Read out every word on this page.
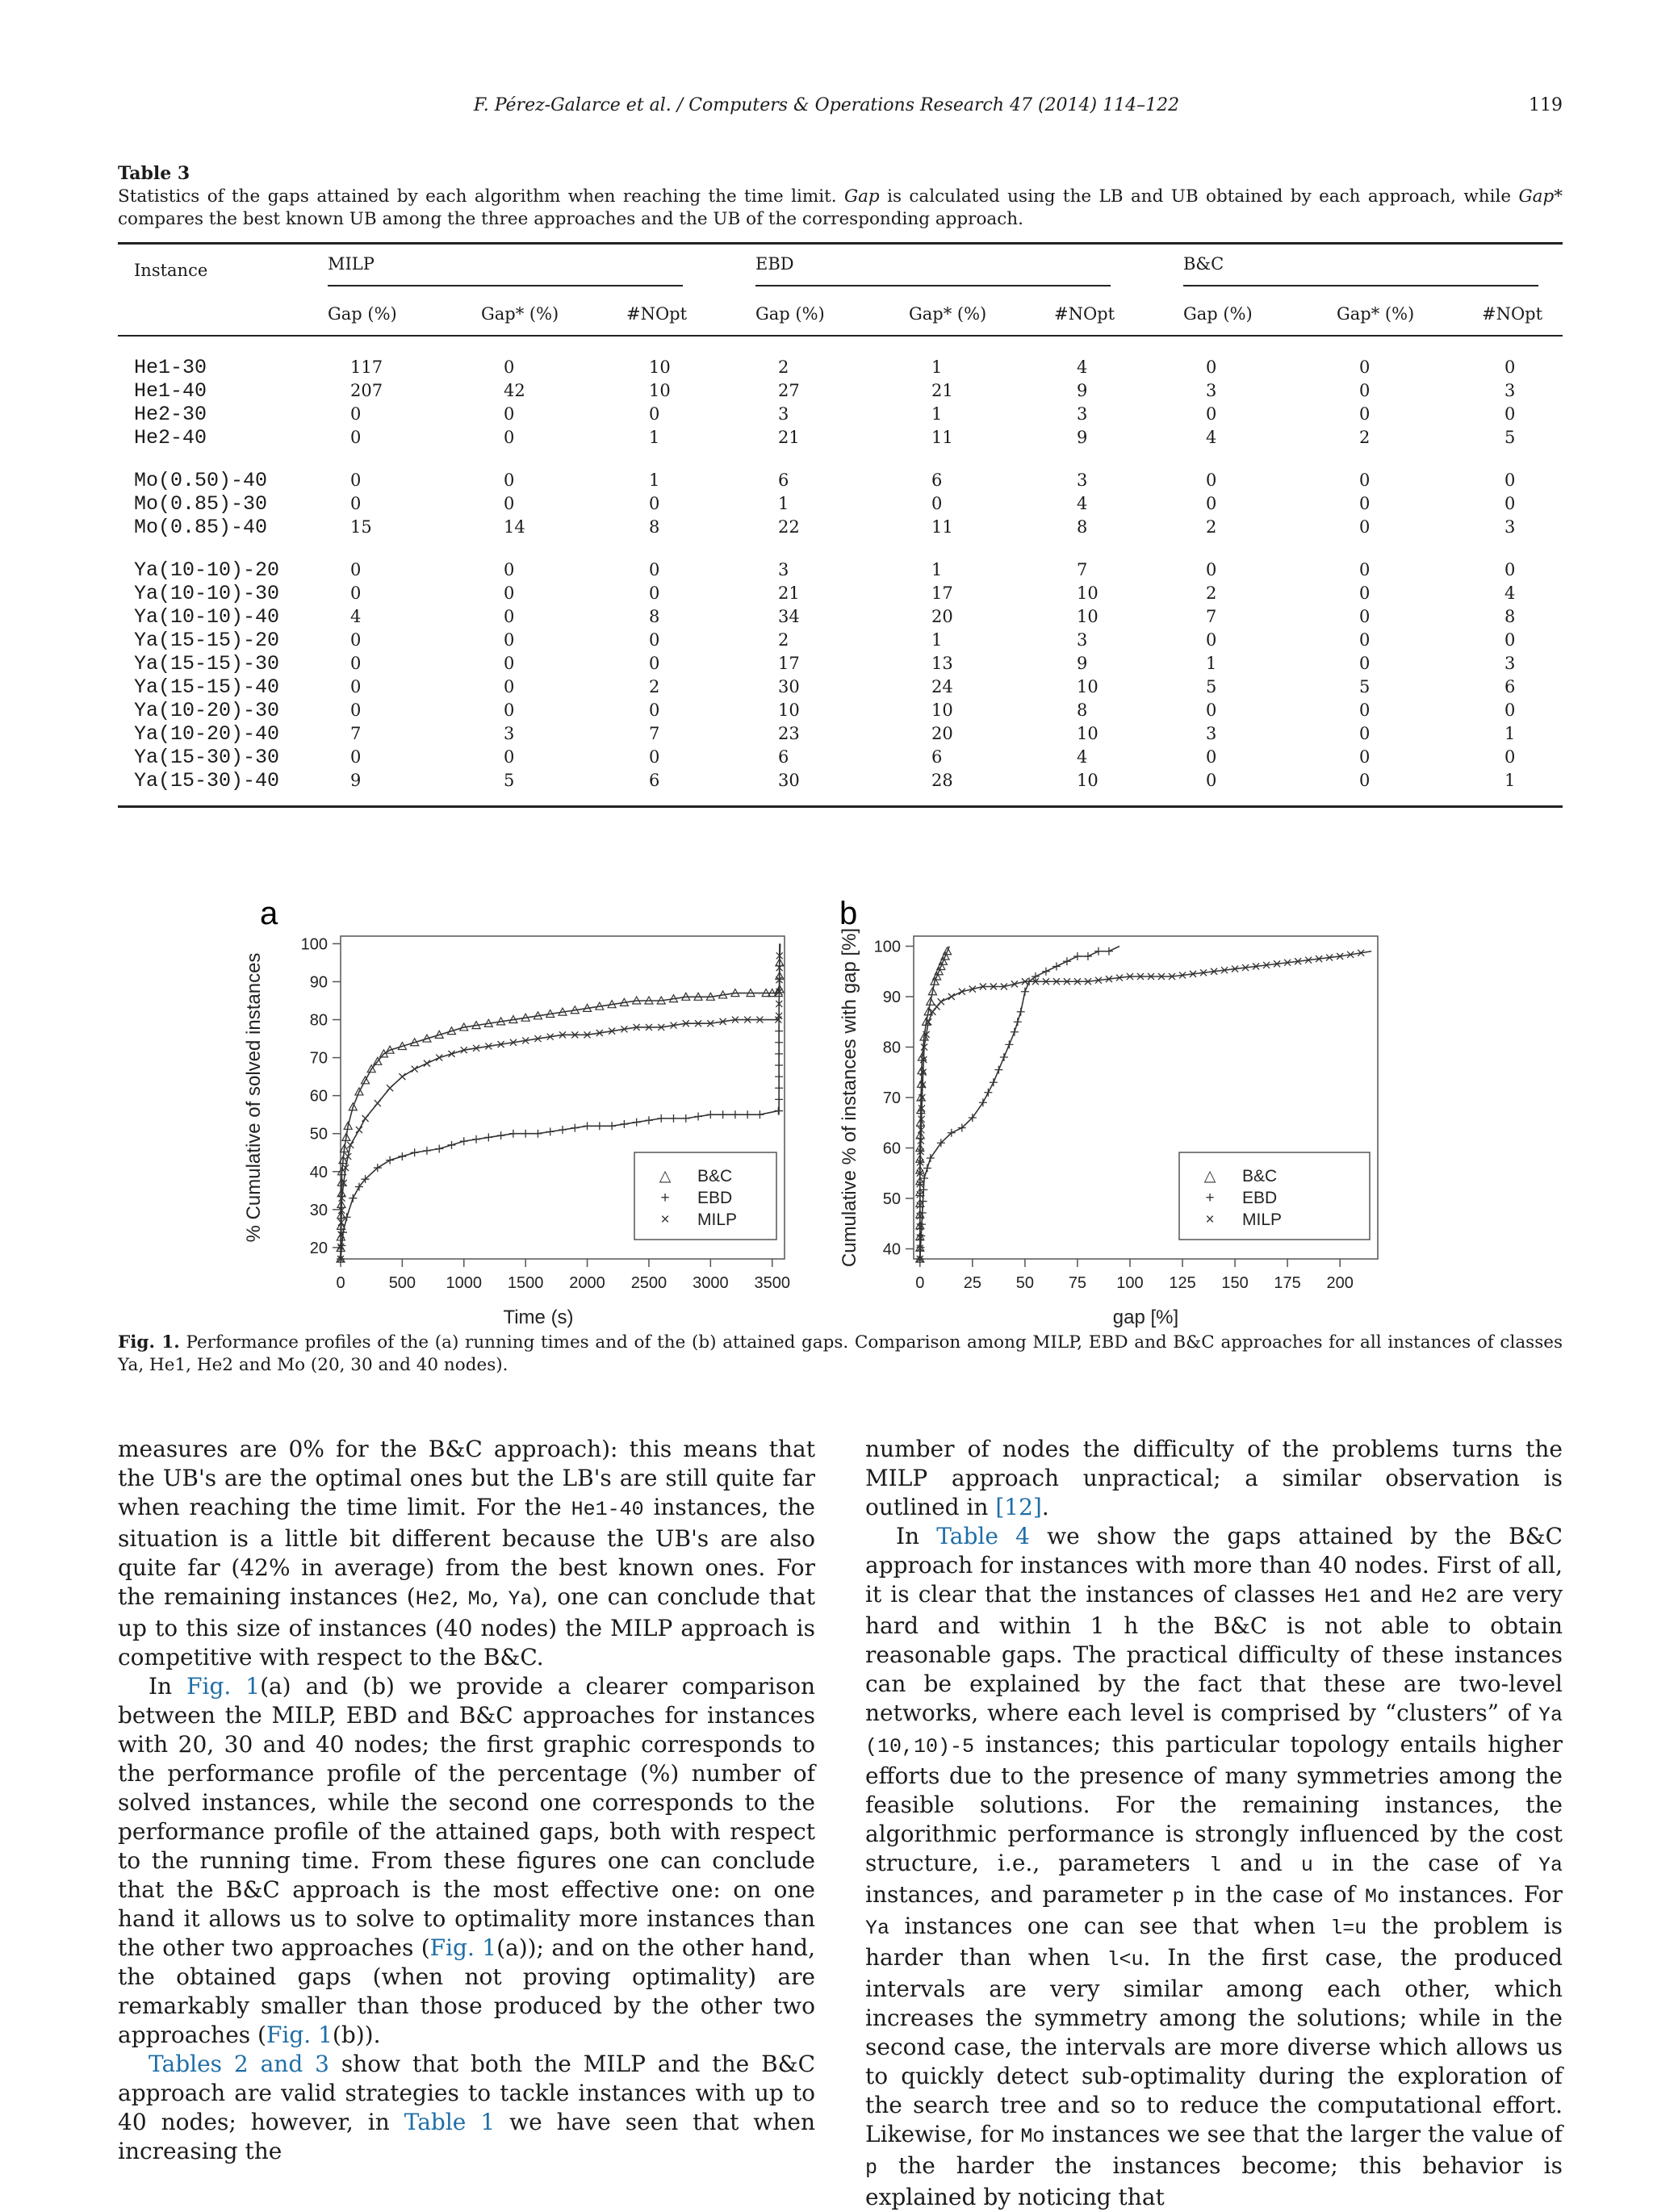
F. Pérez-Galarce et al. / Computers & Operations Research 47 (2014) 114–122	119
Table 3
Statistics of the gaps attained by each algorithm when reaching the time limit. Gap is calculated using the LB and UB obtained by each approach, while Gap* compares the best known UB among the three approaches and the UB of the corresponding approach.

Instance	MILP			EBD			B&C		

	Gap (%)	Gap* (%)	#NOpt	Gap (%)	Gap* (%)	#NOpt	Gap (%)	Gap* (%)	#NOpt

He1-30	117	0	10	2	1	4	0	0	0
He1-40	207	42	10	27	21	9	3	0	3
He2-30	0	0	0	3	1	3	0	0	0
He2-40	0	0	1	21	11	9	4	2	5

Mo(0.50)-40	0	0	1	6	6	3	0	0	0
Mo(0.85)-30	0	0	0	1	0	4	0	0	0
Mo(0.85)-40	15	14	8	22	11	8	2	0	3

Ya(10-10)-20	0	0	0	3	1	7	0	0	0
Ya(10-10)-30	0	0	0	21	17	10	2	0	4
Ya(10-10)-40	4	0	8	34	20	10	7	0	8
Ya(15-15)-20	0	0	0	2	1	3	0	0	0
Ya(15-15)-30	0	0	0	17	13	9	1	0	3
Ya(15-15)-40	0	0	2	30	24	10	5	5	6
Ya(10-20)-30	0	0	0	10	10	8	0	0	0
Ya(10-20)-40	7	3	7	23	20	10	3	0	1
Ya(15-30)-30	0	0	0	6	6	4	0	0	0
Ya(15-30)-40	9	5	6	30	28	10	0	0	1

a
0	500 1000 1500 2000 2500 3000 3500
20
30
40
50
60
70
80
90
100
Time (s)
% Cumulative of solved instances	△ B&C
+ EBD
× MILP
b
0 25 50 75 100 125 150 175 200
40
50
60
70
80
90
100
gap [%]
Cumulative % of instances with gap [%]	△ B&C
+ EBD
× MILP
Fig. 1. Performance profiles of the (a) running times and of the (b) attained gaps. Comparison among MILP, EBD and B&C approaches for all instances of classes Ya, He1, He2 and Mo (20, 30 and 40 nodes).

measures are 0% for the B&C approach): this means that the UB's are the optimal ones but the LB's are still quite far when reaching the time limit. For the He1-40 instances, the situation is a little bit different because the UB's are also quite far (42% in average) from the best known ones. For the remaining instances (He2, Mo, Ya), one can conclude that up to this size of instances (40 nodes) the MILP approach is competitive with respect to the B&C.

In Fig. 1(a) and (b) we provide a clearer comparison between the MILP, EBD and B&C approaches for instances with 20, 30 and 40 nodes; the first graphic corresponds to the performance profile of the percentage (%) number of solved instances, while the second one corresponds to the performance profile of the attained gaps, both with respect to the running time. From these figures one can conclude that the B&C approach is the most effective one: on one hand it allows us to solve to optimality more instances than the other two approaches (Fig. 1(a)); and on the other hand, the obtained gaps (when not proving optimality) are remarkably smaller than those produced by the other two approaches (Fig. 1(b)).

Tables 2 and 3 show that both the MILP and the B&C approach are valid strategies to tackle instances with up to 40 nodes; however, in Table 1 we have seen that when increasing the

number of nodes the difficulty of the problems turns the MILP approach unpractical; a similar observation is outlined in [12].

In Table 4 we show the gaps attained by the B&C approach for instances with more than 40 nodes. First of all, it is clear that the instances of classes He1 and He2 are very hard and within 1 h the B&C is not able to obtain reasonable gaps. The practical difficulty of these instances can be explained by the fact that these are two-level networks, where each level is comprised by “clusters” of Ya (10,10)-5 instances; this particular topology entails higher efforts due to the presence of many symmetries among the feasible solutions. For the remaining instances, the algorithmic performance is strongly influenced by the cost structure, i.e., parameters l and u in the case of Ya instances, and parameter p in the case of Mo instances. For Ya instances one can see that when l=u the problem is harder than when l<u. In the first case, the produced intervals are very similar among each other, which increases the symmetry among the solutions; while in the second case, the intervals are more diverse which allows us to quickly detect sub-optimality during the exploration of the search tree and so to reduce the computational effort. Likewise, for Mo instances we see that the larger the value of p the harder the instances become; this behavior is explained by noticing that
